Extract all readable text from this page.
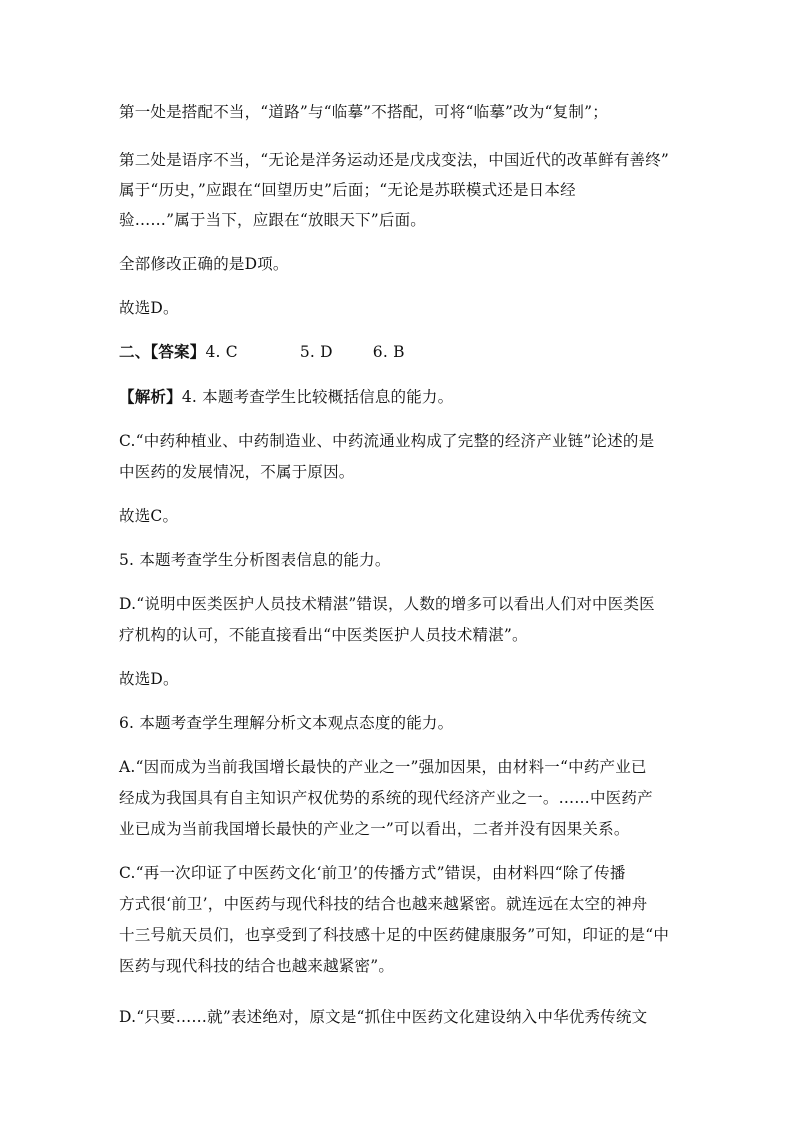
第一处是搭配不当，“道路”与“临摹”不搭配，可将“临摹”改为“复制”；
第二处是语序不当，“无论是洋务运动还是戊戌变法，中国近代的改革鲜有善终”
属于“历史，”应跟在“回望历史”后面；“无论是苏联模式还是日本经
验……”属于当下，应跟在“放眼天下”后面。
全部修改正确的是D项。
故选D。
二、【答案】4. C	5. D	6. B
【解析】4. 本题考查学生比较概括信息的能力。
C.“中药种植业、中药制造业、中药流通业构成了完整的经济产业链”论述的是
中医药的发展情况，不属于原因。
故选C。
5. 本题考查学生分析图表信息的能力。
D.“说明中医类医护人员技术精湛”错误，人数的增多可以看出人们对中医类医
疗机构的认可，不能直接看出“中医类医护人员技术精湛”。
故选D。
6. 本题考查学生理解分析文本观点态度的能力。
A.“因而成为当前我国增长最快的产业之一”强加因果，由材料一“中药产业已
经成为我国具有自主知识产权优势的系统的现代经济产业之一。……中医药产
业已成为当前我国增长最快的产业之一”可以看出，二者并没有因果关系。
C.“再一次印证了中医药文化‘前卫’的传播方式”错误，由材料四“除了传播
方式很‘前卫’，中医药与现代科技的结合也越来越紧密。就连远在太空的神舟
十三号航天员们，也享受到了科技感十足的中医药健康服务”可知，印证的是“中
医药与现代科技的结合也越来越紧密”。
D.“只要……就”表述绝对，原文是“抓住中医药文化建设纳入中华优秀传统文
